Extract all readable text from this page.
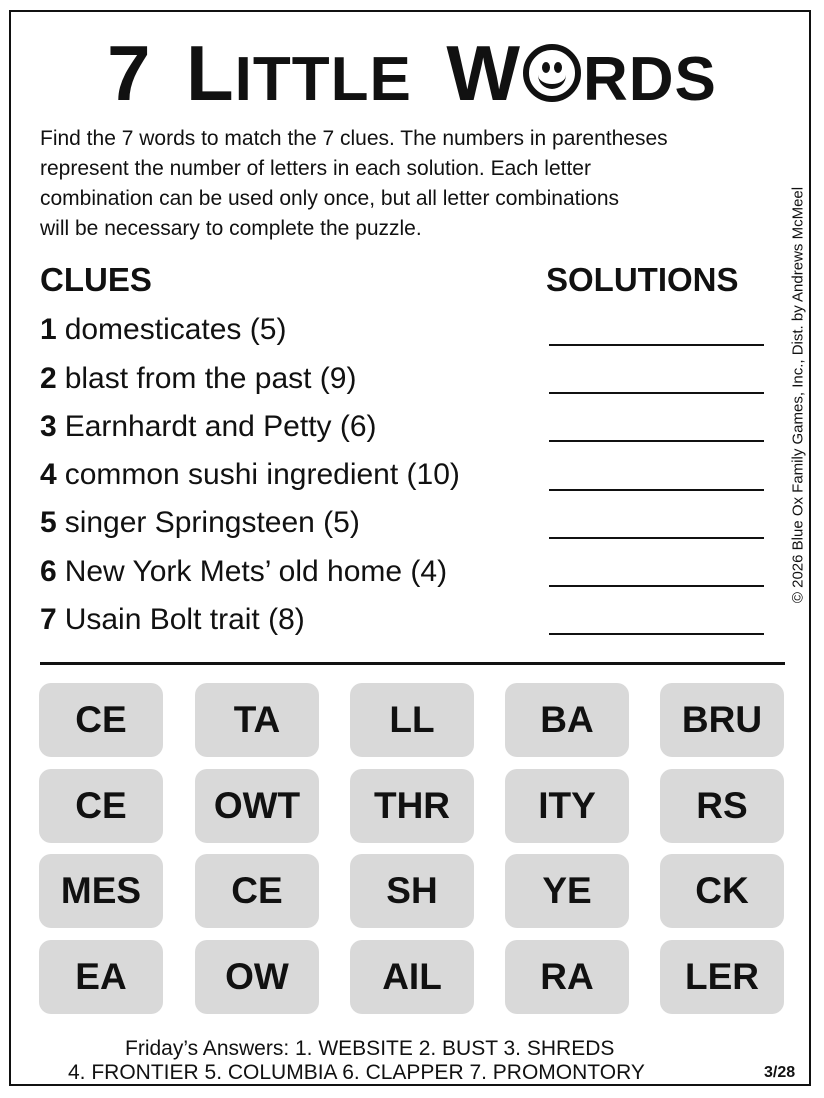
7 LITTLE W RDS

Find the 7 words to match the 7 clues. The numbers in parentheses
represent the number of letters in each solution. Each letter
combination can be used only once, but all letter combinations
will be necessary to complete the puzzle.	© 2026 Blue Ox Family Games, Inc., Dist. by Andrews McMeel
CLUES	SOLUTIONS
1 domesticates (5)
2 blast from the past (9)
3 Earnhardt and Petty (6)
4 common sushi ingredient (10)
5 singer Springsteen (5)
6 New York Mets’ old home (4)
7 Usain Bolt trait (8)
CE	TA	LL	BA	BRU
CE	OWT	THR	ITY	RS
MES	CE	SH	YE	CK
EA	OW	AIL	RA	LER
Friday’s Answers: 1. WEBSITE 2. BUST 3. SHREDS
4. FRONTIER 5. COLUMBIA 6. CLAPPER 7. PROMONTORY	3/28
